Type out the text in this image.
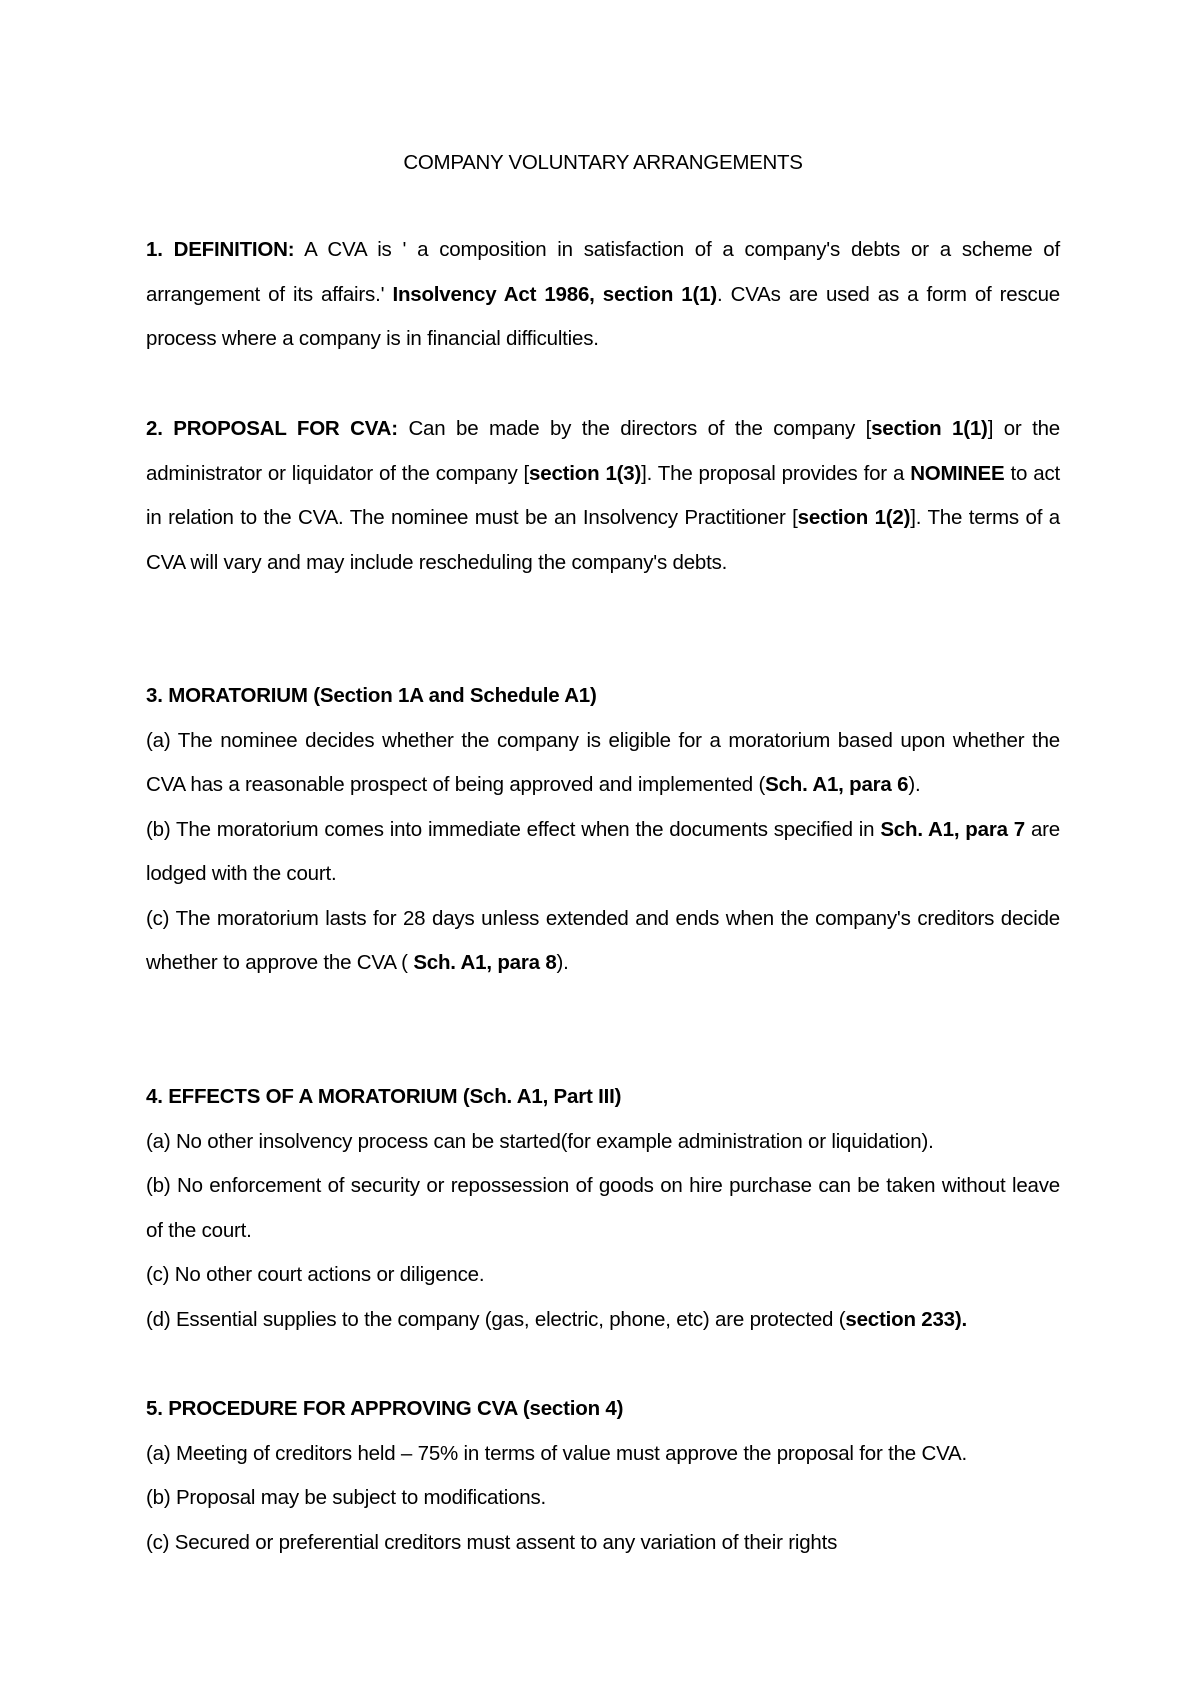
COMPANY VOLUNTARY ARRANGEMENTS
1. DEFINITION: A CVA is ' a composition in satisfaction of a company's debts or a scheme of arrangement of its affairs.' Insolvency Act 1986, section 1(1). CVAs are used as a form of rescue process where a company is in financial difficulties.
2. PROPOSAL FOR CVA: Can be made by the directors of the company [section 1(1)] or the administrator or liquidator of the company [section 1(3)]. The proposal provides for a NOMINEE to act in relation to the CVA. The nominee must be an Insolvency Practitioner [section 1(2)]. The terms of a CVA will vary and may include rescheduling the company's debts.
3. MORATORIUM (Section 1A and Schedule A1)
(a) The nominee decides whether the company is eligible for a moratorium based upon whether the CVA has a reasonable prospect of being approved and implemented (Sch. A1, para 6).
(b) The moratorium comes into immediate effect when the documents specified in Sch. A1, para 7 are lodged with the court.
(c) The moratorium lasts for 28 days unless extended and ends when the company's creditors decide whether to approve the CVA ( Sch. A1, para 8).
4. EFFECTS OF A MORATORIUM (Sch. A1, Part III)
(a) No other insolvency process can be started(for example administration or liquidation).
(b) No enforcement of security or repossession of goods on hire purchase can be taken without leave of the court.
(c) No other court actions or diligence.
(d) Essential supplies to the company (gas, electric, phone, etc) are protected (section 233).
5. PROCEDURE FOR APPROVING CVA (section 4)
(a) Meeting of creditors held – 75% in terms of value must approve the proposal for the CVA.
(b) Proposal may be subject to modifications.
(c) Secured or preferential creditors must assent to any variation of their rights
